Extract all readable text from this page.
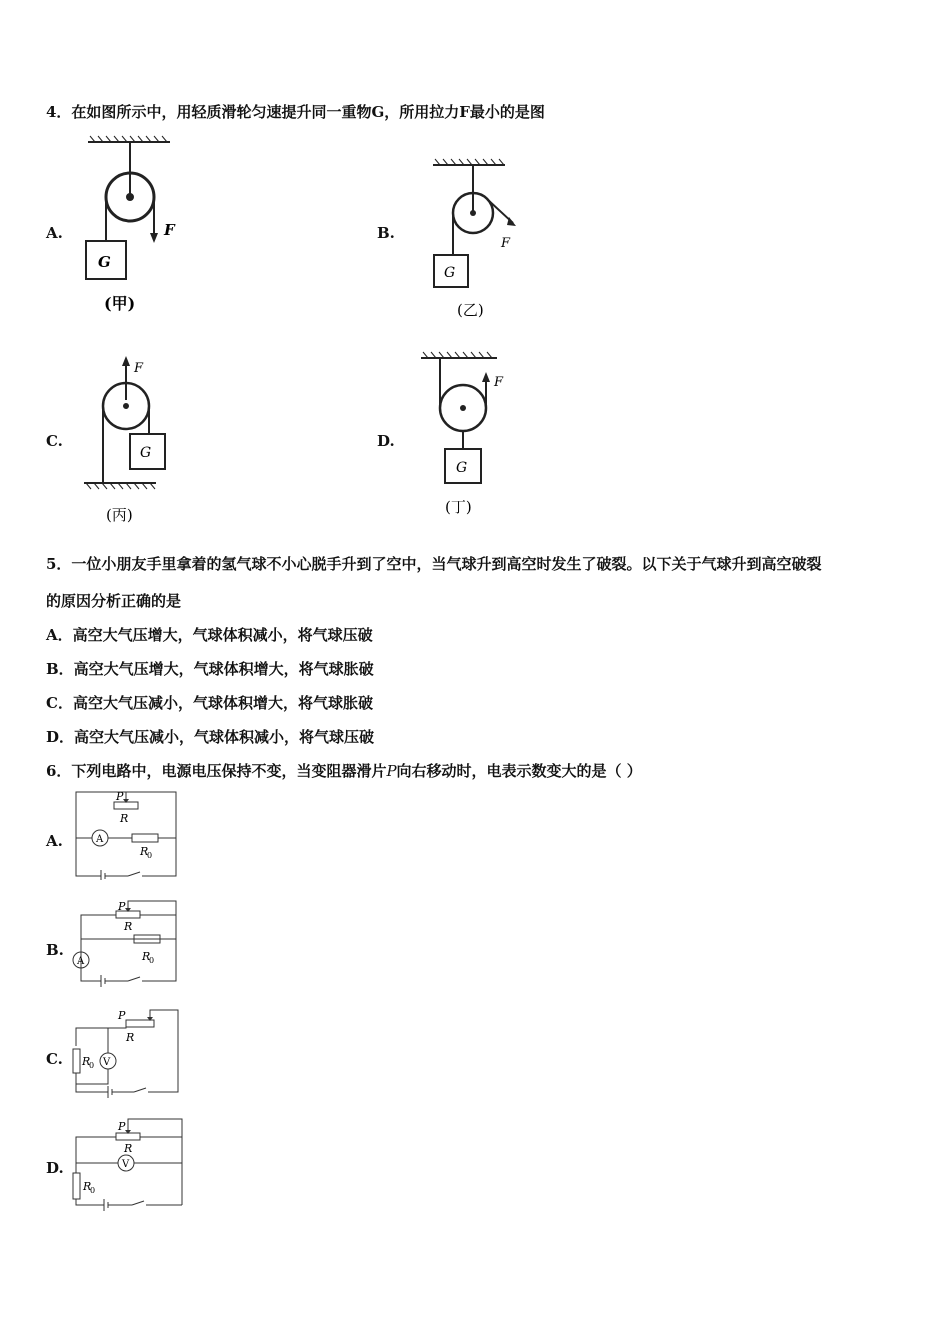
4．在如图所示中，用轻质滑轮匀速提升同一重物G，所用拉力F最小的是图
A.	F
G
(甲)
B.
F
G
(乙)
C.
F
G
(丙)
D.
F
G
(丁)
5．一位小朋友手里拿着的氢气球不小心脱手升到了空中，当气球升到高空时发生了破裂。以下关于气球升到高空破裂
的原因分析正确的是
A．高空大气压增大，气球体积减小，将气球压破
B．高空大气压增大，气球体积增大，将气球胀破
C．高空大气压减小，气球体积增大，将气球胀破
D．高空大气压减小，气球体积减小，将气球压破
6．下列电路中，电源电压保持不变，当变阻器滑片P向右移动时，电表示数变大的是（ ）
A.
P
R
A
R
0
B.
P
R
A	R
0
C.
P
R
V
R
0
D.
P
R
V
R
0
